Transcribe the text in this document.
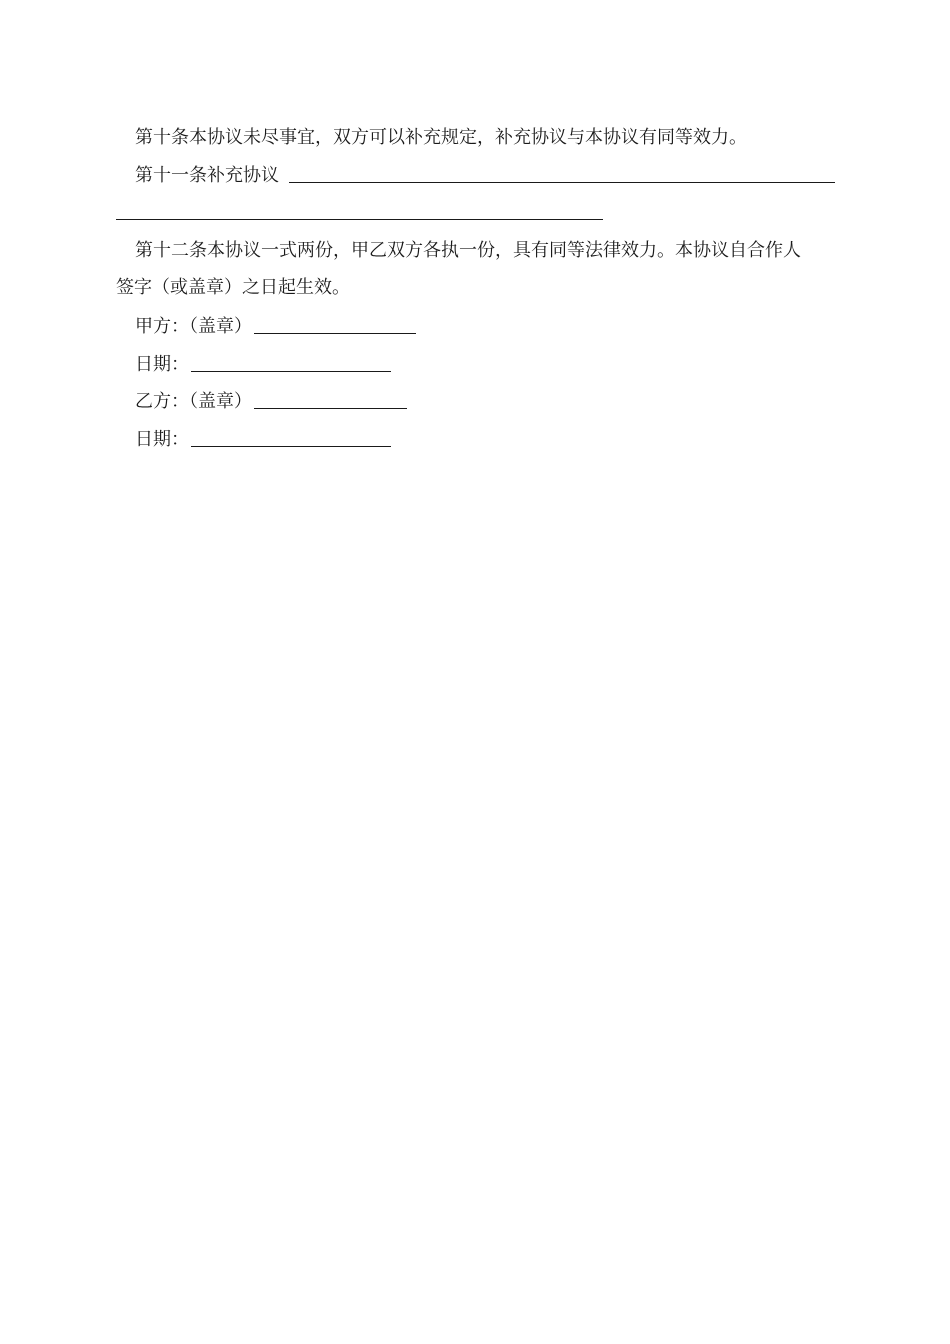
第十条本协议未尽事宜，双方可以补充规定，补充协议与本协议有同等效力。
第十一条补充协议
第十二条本协议一式两份，甲乙双方各执一份，具有同等法律效力。本协议自合作人
签字（或盖章）之日起生效。
甲方：（盖章）
日期：
乙方：（盖章）
日期：
